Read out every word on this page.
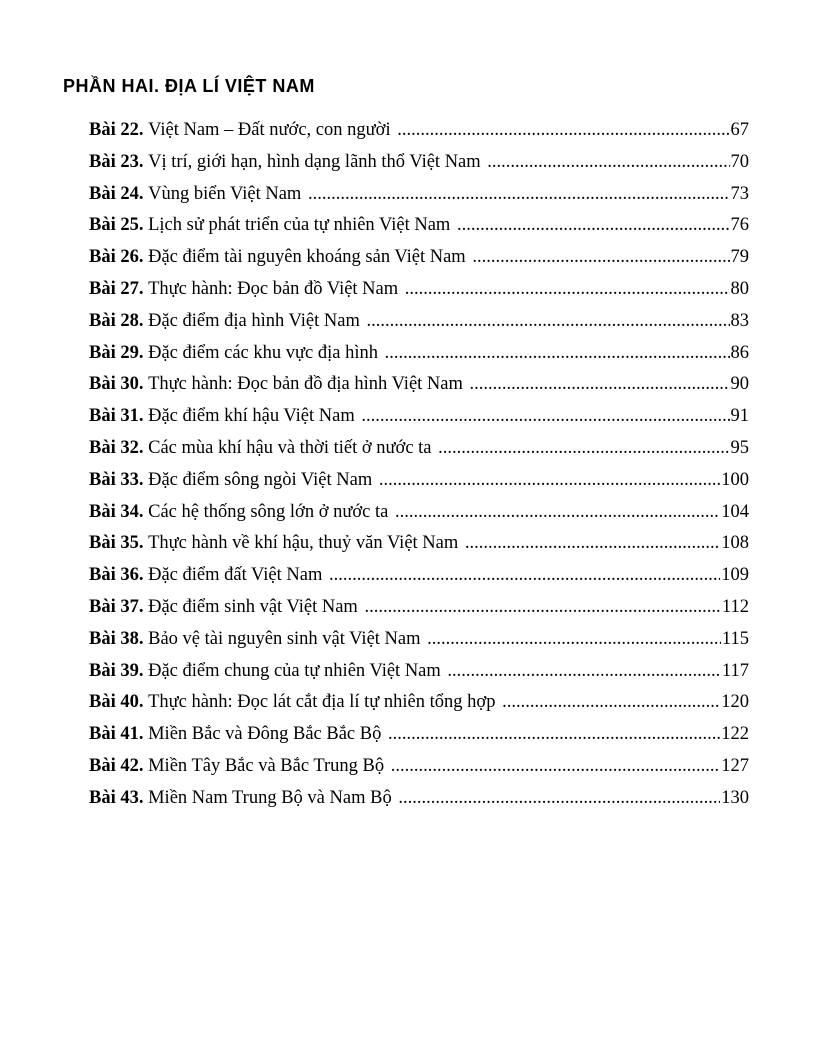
PHẦN HAI. ĐỊA LÍ VIỆT NAM
Bài 22. Việt Nam – Đất nước, con người .....	67
Bài 23. Vị trí, giới hạn, hình dạng lãnh thổ Việt Nam .....	70
Bài 24. Vùng biển Việt Nam .....	73
Bài 25. Lịch sử phát triển của tự nhiên Việt Nam .....	76
Bài 26. Đặc điểm tài nguyên khoáng sản Việt Nam .....	79
Bài 27. Thực hành: Đọc bản đồ Việt Nam .....	80
Bài 28. Đặc điểm địa hình Việt Nam .....	83
Bài 29. Đặc điểm các khu vực địa hình .....	86
Bài 30. Thực hành: Đọc bản đồ địa hình Việt Nam .....	90
Bài 31. Đặc điểm khí hậu Việt Nam .....	91
Bài 32. Các mùa khí hậu và thời tiết ở nước ta .....	95
Bài 33. Đặc điểm sông ngòi Việt Nam .....	100
Bài 34. Các hệ thống sông lớn ở nước ta .....	104
Bài 35. Thực hành về khí hậu, thuỷ văn Việt Nam .....	108
Bài 36. Đặc điểm đất Việt Nam .....	109
Bài 37. Đặc điểm sinh vật Việt Nam .....	112
Bài 38. Bảo vệ tài nguyên sinh vật Việt Nam .....	115
Bài 39. Đặc điểm chung của tự nhiên Việt Nam .....	117
Bài 40. Thực hành: Đọc lát cắt địa lí tự nhiên tổng hợp .....	120
Bài 41. Miền Bắc và Đông Bắc Bắc Bộ .....	122
Bài 42. Miền Tây Bắc và Bắc Trung Bộ .....	127
Bài 43. Miền Nam Trung Bộ và Nam Bộ .....	130
